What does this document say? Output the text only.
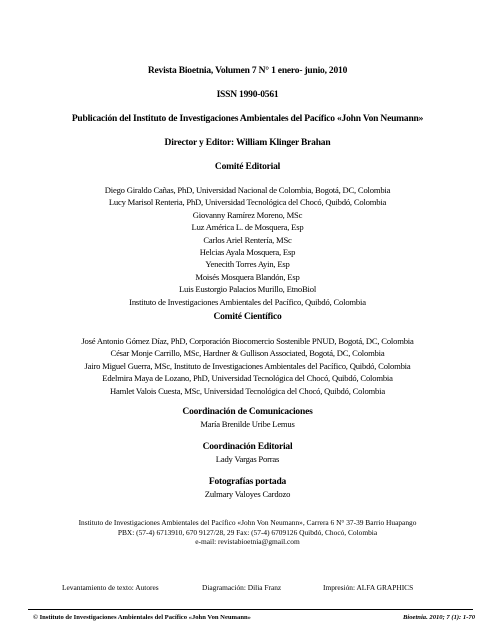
Revista Bioetnia, Volumen 7 N° 1 enero- junio, 2010
ISSN 1990-0561
Publicación del Instituto de Investigaciones Ambientales del Pacífico «John Von Neumann»
Director y Editor: William Klinger Brahan
Comité Editorial
Diego Giraldo Cañas, PhD, Universidad Nacional de Colombia, Bogotá, DC, Colombia
Lucy Marisol Renteria, PhD, Universidad Tecnológica del Chocó, Quibdó, Colombia
Giovanny Ramírez Moreno, MSc
Luz América L. de Mosquera, Esp
Carlos Ariel Rentería, MSc
Helcias Ayala Mosquera, Esp
Yenecith Torres Ayin, Esp
Moisés Mosquera Blandón, Esp
Luis Eustorgio Palacios Murillo, EtnoBiol
Instituto de Investigaciones Ambientales del Pacífico, Quibdó, Colombia
Comité Científico
José Antonio Gómez Díaz, PhD, Corporación Biocomercio Sostenible PNUD, Bogotá, DC, Colombia
César Monje Carrillo, MSc, Hardner & Gullison Associated, Bogotá, DC, Colombia
Jairo Miguel Guerra, MSc, Instituto de Investigaciones Ambientales del Pacífico, Quibdó, Colombia
Edelmira Maya de Lozano, PhD, Universidad Tecnológica del Chocó, Quibdó, Colombia
Hamlet Valois Cuesta, MSc, Universidad Tecnológica del Chocó, Quibdó, Colombia
Coordinación de Comunicaciones
María Brenilde Uribe Lemus
Coordinación Editorial
Lady Vargas Porras
Fotografías portada
Zulmary Valoyes Cardozo
Instituto de Investigaciones Ambientales del Pacífico «John Von Neumann», Carrera 6 N° 37-39 Barrio Huapango
PBX: (57-4) 6713910, 670 9127/28, 29 Fax: (57-4) 6709126 Quibdó, Chocó, Colombia
e-mail: revistabioetnia@gmail.com
Levantamiento de texto: Autores	Diagramación: Dilia Franz	Impresión: ALFA GRAPHICS
© Instituto de Investigaciones Ambientales del Pacífico «John Von Neumann»	Bioetnia. 2010; 7 (1): 1-70
